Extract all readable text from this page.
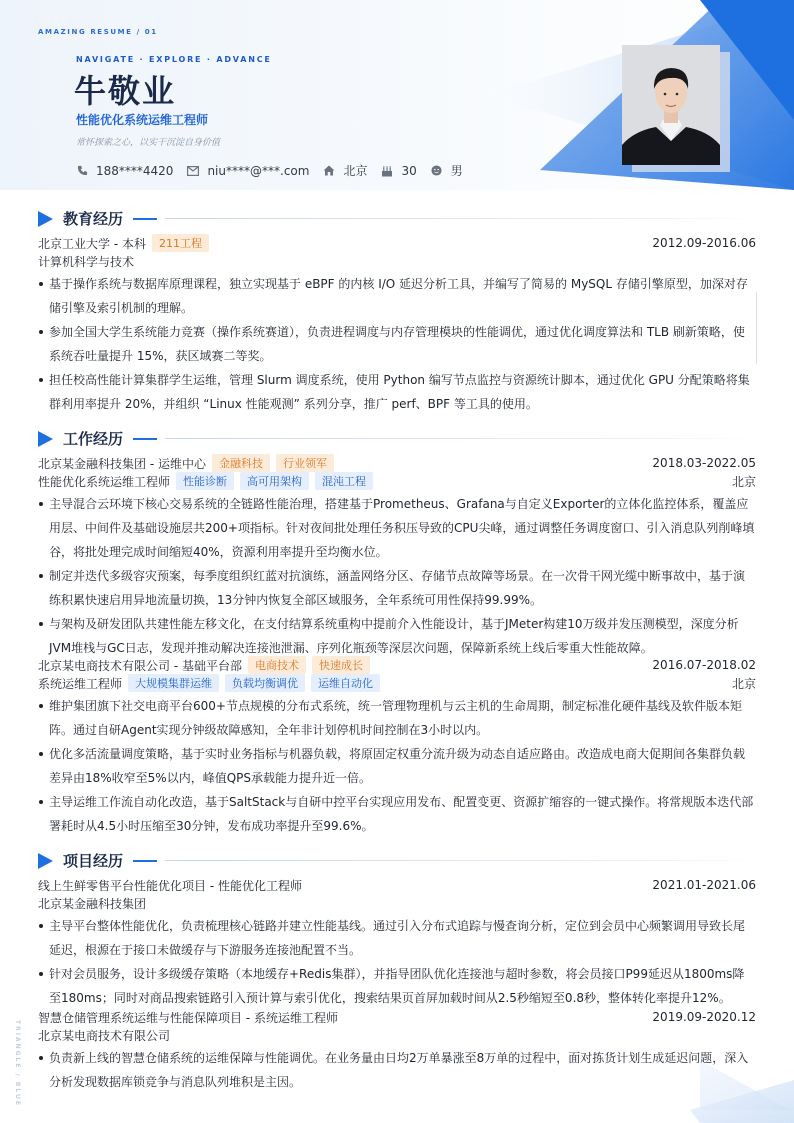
AMAZING RESUME / 01
NAVIGATE · EXPLORE · ADVANCE
牛敬业
性能优化系统运维工程师
常怀探索之心，以实干沉淀自身价值
188****4420	niu****@***.com	北京	30	男
TRIANGLE / BLUE
教育经历
北京工业大学 - 本科	211工程	2012.09-2016.06
计算机科学与技术
基于操作系统与数据库原理课程，独立实现基于 eBPF 的内核 I/O 延迟分析工具，并编写了简易的 MySQL 存储引擎原型，加深对存储引擎及索引机制的理解。
参加全国大学生系统能力竞赛（操作系统赛道），负责进程调度与内存管理模块的性能调优，通过优化调度算法和 TLB 刷新策略，使系统吞吐量提升 15%，获区域赛二等奖。
担任校高性能计算集群学生运维，管理 Slurm 调度系统，使用 Python 编写节点监控与资源统计脚本，通过优化 GPU 分配策略将集群利用率提升 20%，并组织 “Linux 性能观测” 系列分享，推广 perf、BPF 等工具的使用。
工作经历
北京某金融科技集团 - 运维中心	金融科技	行业领军	2018.03-2022.05
性能优化系统运维工程师	性能诊断	高可用架构	混沌工程	北京
主导混合云环境下核心交易系统的全链路性能治理，搭建基于Prometheus、Grafana与自定义Exporter的立体化监控体系，覆盖应用层、中间件及基础设施层共200+项指标。针对夜间批处理任务积压导致的CPU尖峰，通过调整任务调度窗口、引入消息队列削峰填谷，将批处理完成时间缩短40%，资源利用率提升至均衡水位。
制定并迭代多级容灾预案，每季度组织红蓝对抗演练，涵盖网络分区、存储节点故障等场景。在一次骨干网光缆中断事故中，基于演练积累快速启用异地流量切换，13分钟内恢复全部区域服务，全年系统可用性保持99.99%。
与架构及研发团队共建性能左移文化，在支付结算系统重构中提前介入性能设计，基于JMeter构建10万级并发压测模型，深度分析JVM堆栈与GC日志，发现并推动解决连接池泄漏、序列化瓶颈等深层次问题，保障新系统上线后零重大性能故障。
北京某电商技术有限公司 - 基础平台部	电商技术	快速成长	2016.07-2018.02
系统运维工程师	大规模集群运维	负载均衡调优	运维自动化	北京
维护集团旗下社交电商平台600+节点规模的分布式系统，统一管理物理机与云主机的生命周期，制定标准化硬件基线及软件版本矩阵。通过自研Agent实现分钟级故障感知，全年非计划停机时间控制在3小时以内。
优化多活流量调度策略，基于实时业务指标与机器负载，将原固定权重分流升级为动态自适应路由。改造成电商大促期间各集群负载差异由18%收窄至5%以内，峰值QPS承载能力提升近一倍。
主导运维工作流自动化改造，基于SaltStack与自研中控平台实现应用发布、配置变更、资源扩缩容的一键式操作。将常规版本迭代部署耗时从4.5小时压缩至30分钟，发布成功率提升至99.6%。
项目经历
线上生鲜零售平台性能优化项目 - 性能优化工程师	2021.01-2021.06
北京某金融科技集团
主导平台整体性能优化，负责梳理核心链路并建立性能基线。通过引入分布式追踪与慢查询分析，定位到会员中心频繁调用导致长尾延迟，根源在于接口未做缓存与下游服务连接池配置不当。
针对会员服务，设计多级缓存策略（本地缓存+Redis集群），并指导团队优化连接池与超时参数，将会员接口P99延迟从1800ms降至180ms；同时对商品搜索链路引入预计算与索引优化，搜索结果页首屏加载时间从2.5秒缩短至0.8秒，整体转化率提升12%。
智慧仓储管理系统运维与性能保障项目 - 系统运维工程师	2019.09-2020.12
北京某电商技术有限公司
负责新上线的智慧仓储系统的运维保障与性能调优。在业务量由日均2万单暴涨至8万单的过程中，面对拣货计划生成延迟问题，深入分析发现数据库锁竞争与消息队列堆积是主因。
